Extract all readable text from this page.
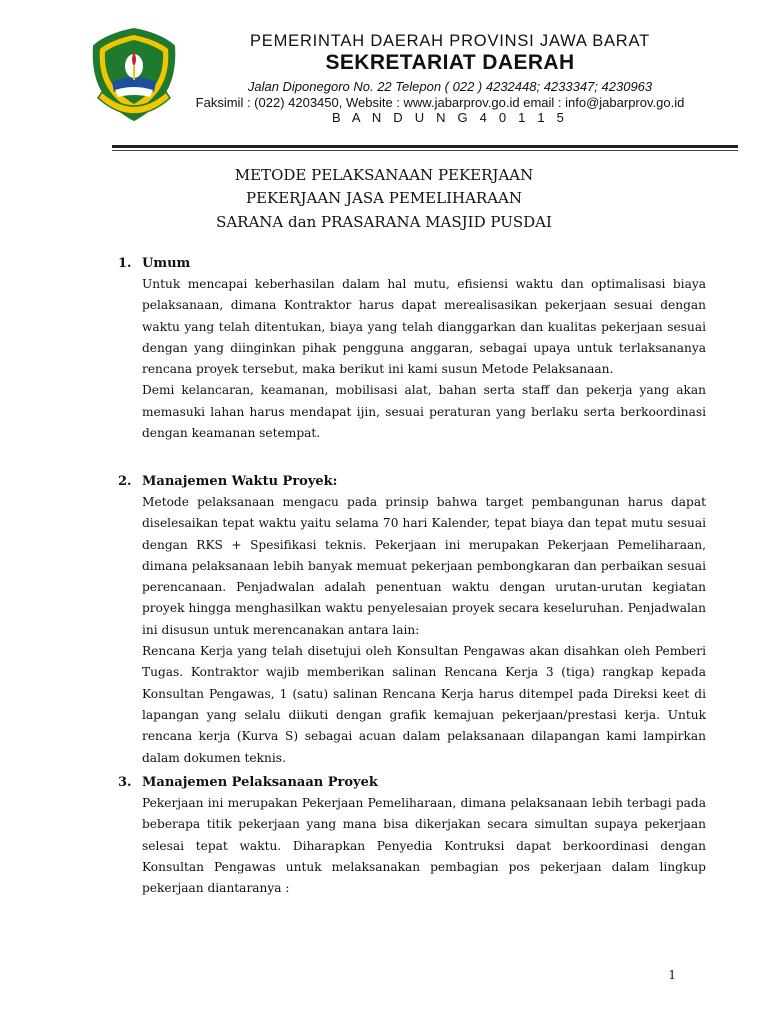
PEMERINTAH DAERAH PROVINSI JAWA BARAT
SEKRETARIAT DAERAH
Jalan Diponegoro No. 22 Telepon ( 022 ) 4232448; 4233347; 4230963
Faksimil : (022) 4203450, Website : www.jabarprov.go.id email : info@jabarprov.go.id
B A N D U N G 4 0 1 1 5
METODE PELAKSANAAN PEKERJAAN
PEKERJAAN JASA PEMELIHARAAN
SARANA dan PRASARANA MASJID PUSDAI
1. Umum

Untuk mencapai keberhasilan dalam hal mutu, efisiensi waktu dan optimalisasi biaya pelaksanaan, dimana Kontraktor harus dapat merealisasikan pekerjaan sesuai dengan waktu yang telah ditentukan, biaya yang telah dianggarkan dan kualitas pekerjaan sesuai dengan yang diinginkan pihak pengguna anggaran, sebagai upaya untuk terlaksananya rencana proyek tersebut, maka berikut ini kami susun Metode Pelaksanaan.

Demi kelancaran, keamanan, mobilisasi alat, bahan serta staff dan pekerja yang akan memasuki lahan harus mendapat ijin, sesuai peraturan yang berlaku serta berkoordinasi dengan keamanan setempat.

2. Manajemen Waktu Proyek:

Metode pelaksanaan mengacu pada prinsip bahwa target pembangunan harus dapat diselesaikan tepat waktu yaitu selama 70 hari Kalender, tepat biaya dan tepat mutu sesuai dengan RKS + Spesifikasi teknis. Pekerjaan ini merupakan Pekerjaan Pemeliharaan, dimana pelaksanaan lebih banyak memuat pekerjaan pembongkaran dan perbaikan sesuai perencanaan. Penjadwalan adalah penentuan waktu dengan urutan-urutan kegiatan proyek hingga menghasilkan waktu penyelesaian proyek secara keseluruhan. Penjadwalan ini disusun untuk merencanakan antara lain:

Rencana Kerja yang telah disetujui oleh Konsultan Pengawas akan disahkan oleh Pemberi Tugas. Kontraktor wajib memberikan salinan Rencana Kerja 3 (tiga) rangkap kepada Konsultan Pengawas, 1 (satu) salinan Rencana Kerja harus ditempel pada Direksi keet di lapangan yang selalu diikuti dengan grafik kemajuan pekerjaan/prestasi kerja. Untuk rencana kerja (Kurva S) sebagai acuan dalam pelaksanaan dilapangan kami lampirkan dalam dokumen teknis.

3. Manajemen Pelaksanaan Proyek

Pekerjaan ini merupakan Pekerjaan Pemeliharaan, dimana pelaksanaan lebih terbagi pada beberapa titik pekerjaan yang mana bisa dikerjakan secara simultan supaya pekerjaan selesai tepat waktu. Diharapkan Penyedia Kontruksi dapat berkoordinasi dengan Konsultan Pengawas untuk melaksanakan pembagian pos pekerjaan dalam lingkup pekerjaan diantaranya :

1
